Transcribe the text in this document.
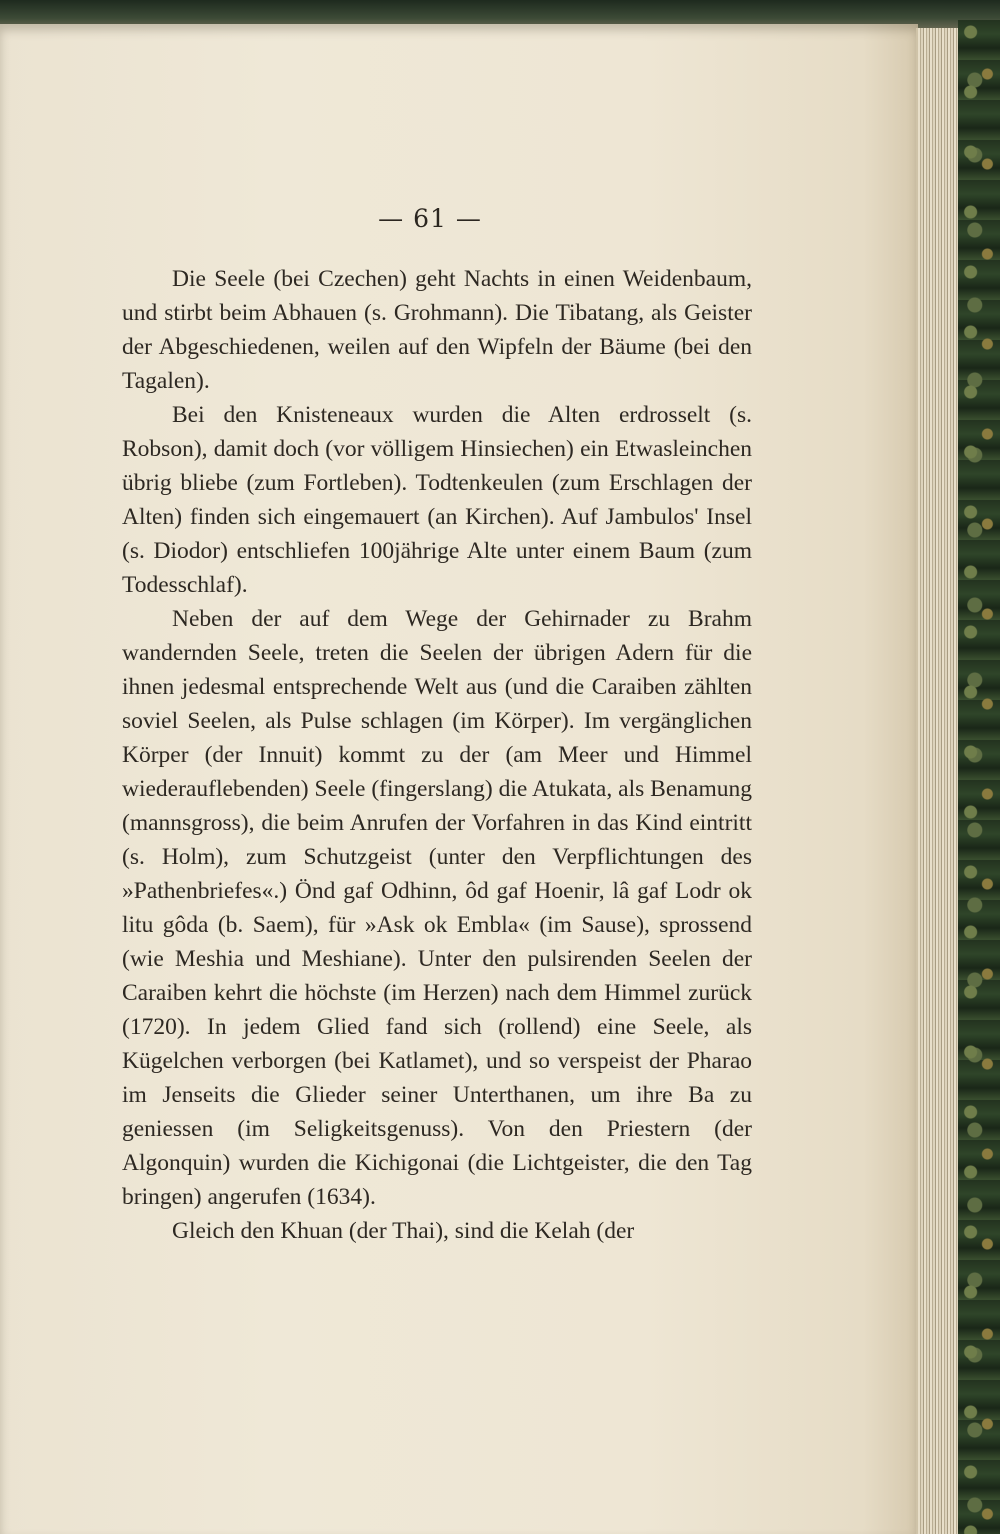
— 61 —

Die Seele (bei Czechen) geht Nachts in einen Weidenbaum, und stirbt beim Abhauen (s. Grohmann). Die Tibatang, als Geister der Abgeschiedenen, weilen auf den Wipfeln der Bäume (bei den Tagalen).

Bei den Knisteneaux wurden die Alten erdrosselt (s. Robson), damit doch (vor völligem Hinsiechen) ein Etwasleinchen übrig bliebe (zum Fortleben). Todtenkeulen (zum Erschlagen der Alten) finden sich eingemauert (an Kirchen). Auf Jambulos' Insel (s. Diodor) entschliefen 100jährige Alte unter einem Baum (zum Todesschlaf).

Neben der auf dem Wege der Gehirnader zu Brahm wandernden Seele, treten die Seelen der übrigen Adern für die ihnen jedesmal entsprechende Welt aus (und die Caraiben zählten soviel Seelen, als Pulse schlagen (im Körper). Im vergänglichen Körper (der Innuit) kommt zu der (am Meer und Himmel wiederauflebenden) Seele (fingerslang) die Atukata, als Benamung (mannsgross), die beim Anrufen der Vorfahren in das Kind eintritt (s. Holm), zum Schutzgeist (unter den Verpflichtungen des »Pathenbriefes«.) Önd gaf Odhinn, ôd gaf Hoenir, lâ gaf Lodr ok litu gôda (b. Saem), für »Ask ok Embla« (im Sause), sprossend (wie Meshia und Meshiane). Unter den pulsirenden Seelen der Caraiben kehrt die höchste (im Herzen) nach dem Himmel zurück (1720). In jedem Glied fand sich (rollend) eine Seele, als Kügelchen verborgen (bei Katlamet), und so verspeist der Pharao im Jenseits die Glieder seiner Unterthanen, um ihre Ba zu geniessen (im Seligkeitsgenuss). Von den Priestern (der Algonquin) wurden die Kichigonai (die Lichtgeister, die den Tag bringen) angerufen (1634).

Gleich den Khuan (der Thai), sind die Kelah (der
